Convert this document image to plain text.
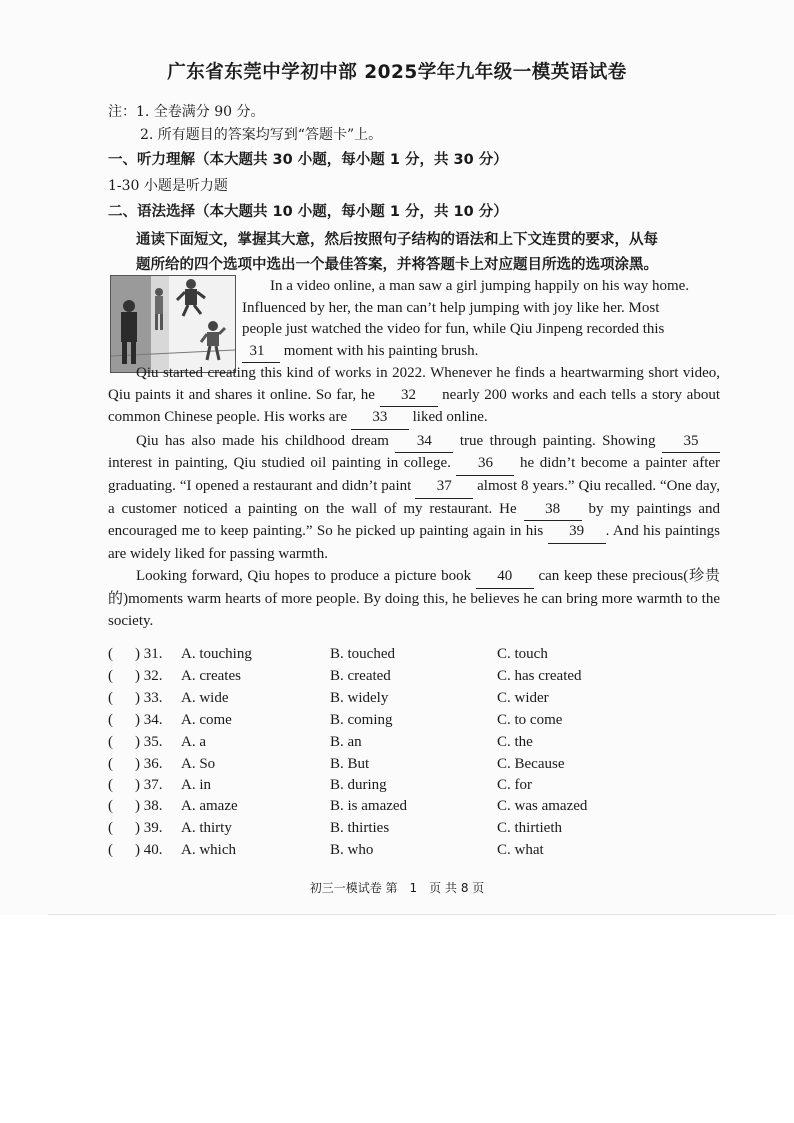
广东省东莞中学初中部 2025学年九年级一模英语试卷
注：1. 全卷满分 90 分。
2. 所有题目的答案均写到“答题卡”上。
一、听力理解（本大题共 30 小题，每小题 1 分，共 30 分）
1-30 小题是听力题
二、语法选择（本大题共 10 小题，每小题 1 分，共 10 分）
通读下面短文，掌握其大意，然后按照句子结构的语法和上下文连贯的要求，从每
题所给的四个选项中选出一个最佳答案，并将答题卡上对应题目所选的选项涂黑。

In a video online, a man saw a girl jumping happily on his way home.

Influenced by her, the man can’t help jumping with joy like her. Most

people just watched the video for fun, while Qiu Jinpeng recorded this

31 moment with his painting brush.

Qiu started creating this kind of works in 2022. Whenever he finds a heartwarming short video, Qiu paints it and shares it online. So far, he 32 nearly 200 works and each tells a story about common Chinese people. His works are 33 liked online.

Qiu has also made his childhood dream 34 true through painting. Showing 35 interest in painting, Qiu studied oil painting in college. 36 he didn’t become a painter after graduating. “I opened a restaurant and didn’t paint 37 almost 8 years.” Qiu recalled. “One day, a customer noticed a painting on the wall of my restaurant. He 38 by my paintings and encouraged me to keep painting.” So he picked up painting again in his 39 . And his paintings are widely liked for passing warmth.

Looking forward, Qiu hopes to produce a picture book 40 can keep these precious(珍贵的)moments warm hearts of more people. By doing this, he believes he can bring more warmth to the society.

( ) 31. A. touching	B. touched	C. touch
( ) 32. A. creates	B. created	C. has created
( ) 33. A. wide	B. widely	C. wider
( ) 34. A. come	B. coming	C. to come
( ) 35. A. a	B. an	C. the
( ) 36. A. So	B. But	C. Because
( ) 37. A. in	B. during	C. for
( ) 38. A. amaze	B. is amazed	C. was amazed
( ) 39. A. thirty	B. thirties	C. thirtieth
( ) 40. A. which	B. who	C. what
初三一模试卷 第　1　页 共 8 页
